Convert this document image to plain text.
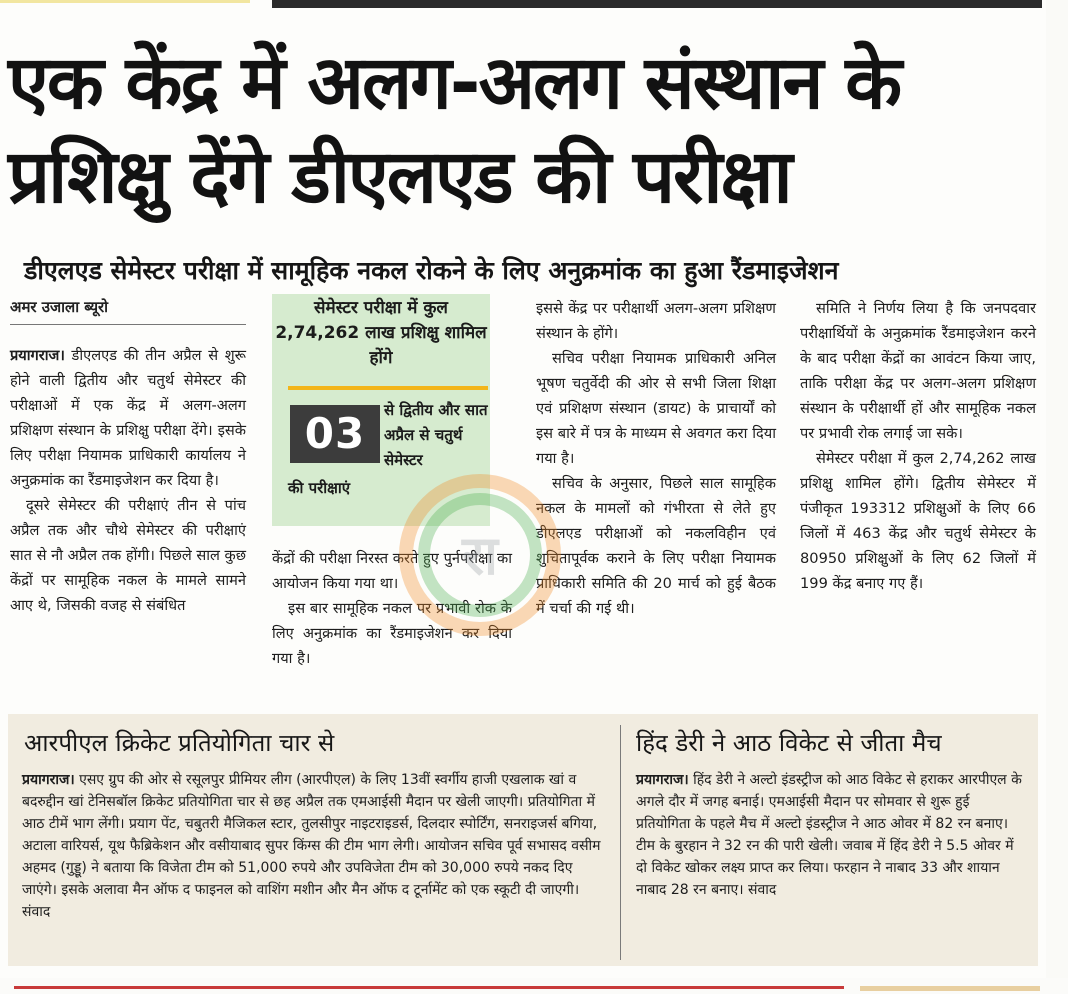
एक केंद्र में अलग-अलग संस्थान के प्रशिक्षु देंगे डीएलएड की परीक्षा
डीएलएड सेमेस्टर परीक्षा में सामूहिक नकल रोकने के लिए अनुक्रमांक का हुआ रैंडमाइजेशन
अमर उजाला ब्यूरो

प्रयागराज। डीएलएड की तीन अप्रैल से शुरू होने वाली द्वितीय और चतुर्थ सेमेस्टर की परीक्षाओं में एक केंद्र में अलग-अलग प्रशिक्षण संस्थान के प्रशिक्षु परीक्षा देंगे। इसके लिए परीक्षा नियामक प्राधिकारी कार्यालय ने अनुक्रमांक का रैंडमाइजेशन कर दिया है।

दूसरे सेमेस्टर की परीक्षाएं तीन से पांच अप्रैल तक और चौथे सेमेस्टर की परीक्षाएं सात से नौ अप्रैल तक होंगी। पिछले साल कुछ केंद्रों पर सामूहिक नकल के मामले सामने आए थे, जिसकी वजह से संबंधित

सेमेस्टर परीक्षा में कुल 2,74,262 लाख प्रशिक्षु शामिल होंगे
03	से द्वितीय और सात अप्रैल से चतुर्थ सेमेस्टर
की परीक्षाएं

केंद्रों की परीक्षा निरस्त करते हुए पुर्नपरीक्षा का आयोजन किया गया था।

इस बार सामूहिक नकल पर प्रभावी रोक के लिए अनुक्रमांक का रैंडमाइजेशन कर दिया गया है।

इससे केंद्र पर परीक्षार्थी अलग-अलग प्रशिक्षण संस्थान के होंगे।

सचिव परीक्षा नियामक प्राधिकारी अनिल भूषण चतुर्वेदी की ओर से सभी जिला शिक्षा एवं प्रशिक्षण संस्थान (डायट) के प्राचार्यों को इस बारे में पत्र के माध्यम से अवगत करा दिया गया है।

सचिव के अनुसार, पिछले साल सामूहिक नकल के मामलों को गंभीरता से लेते हुए डीएलएड परीक्षाओं को नकलविहीन एवं शुचितापूर्वक कराने के लिए परीक्षा नियामक प्राधिकारी समिति की 20 मार्च को हुई बैठक में चर्चा की गई थी।

समिति ने निर्णय लिया है कि जनपदवार परीक्षार्थियों के अनुक्रमांक रैंडमाइजेशन करने के बाद परीक्षा केंद्रों का आवंटन किया जाए, ताकि परीक्षा केंद्र पर अलग-अलग प्रशिक्षण संस्थान के परीक्षार्थी हों और सामूहिक नकल पर प्रभावी रोक लगाई जा सके।

सेमेस्टर परीक्षा में कुल 2,74,262 लाख प्रशिक्षु शामिल होंगे। द्वितीय सेमेस्टर में पंजीकृत 193312 प्रशिक्षुओं के लिए 66 जिलों में 463 केंद्र और चतुर्थ सेमेस्टर के 80950 प्रशिक्षुओं के लिए 62 जिलों में 199 केंद्र बनाए गए हैं।

रा
आरपीएल क्रिकेट प्रतियोगिता चार से
प्रयागराज। एसए ग्रुप की ओर से रसूलपुर प्रीमियर लीग (आरपीएल) के लिए 13वीं स्वर्गीय हाजी एखलाक खां व बदरुद्दीन खां टेनिसबॉल क्रिकेट प्रतियोगिता चार से छह अप्रैल तक एमआईसी मैदान पर खेली जाएगी। प्रतियोगिता में आठ टीमें भाग लेंगी। प्रयाग पेंट, चबुतरी मैजिकल स्टार, तुलसीपुर नाइटराइडर्स, दिलदार स्पोर्टिंग, सनराइजर्स बगिया, अटाला वारियर्स, यूथ फैब्रिकेशन और वसीयाबाद सुपर किंग्स की टीम भाग लेगी। आयोजन सचिव पूर्व सभासद वसीम अहमद (गुड्डू) ने बताया कि विजेता टीम को 51,000 रुपये और उपविजेता टीम को 30,000 रुपये नकद दिए जाएंगे। इसके अलावा मैन ऑफ द फाइनल को वाशिंग मशीन और मैन ऑफ द टूर्नामेंट को एक स्कूटी दी जाएगी। संवाद
हिंद डेरी ने आठ विकेट से जीता मैच
प्रयागराज। हिंद डेरी ने अल्टो इंडस्ट्रीज को आठ विकेट से हराकर आरपीएल के अगले दौर में जगह बनाई। एमआईसी मैदान पर सोमवार से शुरू हुई प्रतियोगिता के पहले मैच में अल्टो इंडस्ट्रीज ने आठ ओवर में 82 रन बनाए। टीम के बुरहान ने 32 रन की पारी खेली। जवाब में हिंद डेरी ने 5.5 ओवर में दो विकेट खोकर लक्ष्य प्राप्त कर लिया। फरहान ने नाबाद 33 और शायान नाबाद 28 रन बनाए। संवाद
